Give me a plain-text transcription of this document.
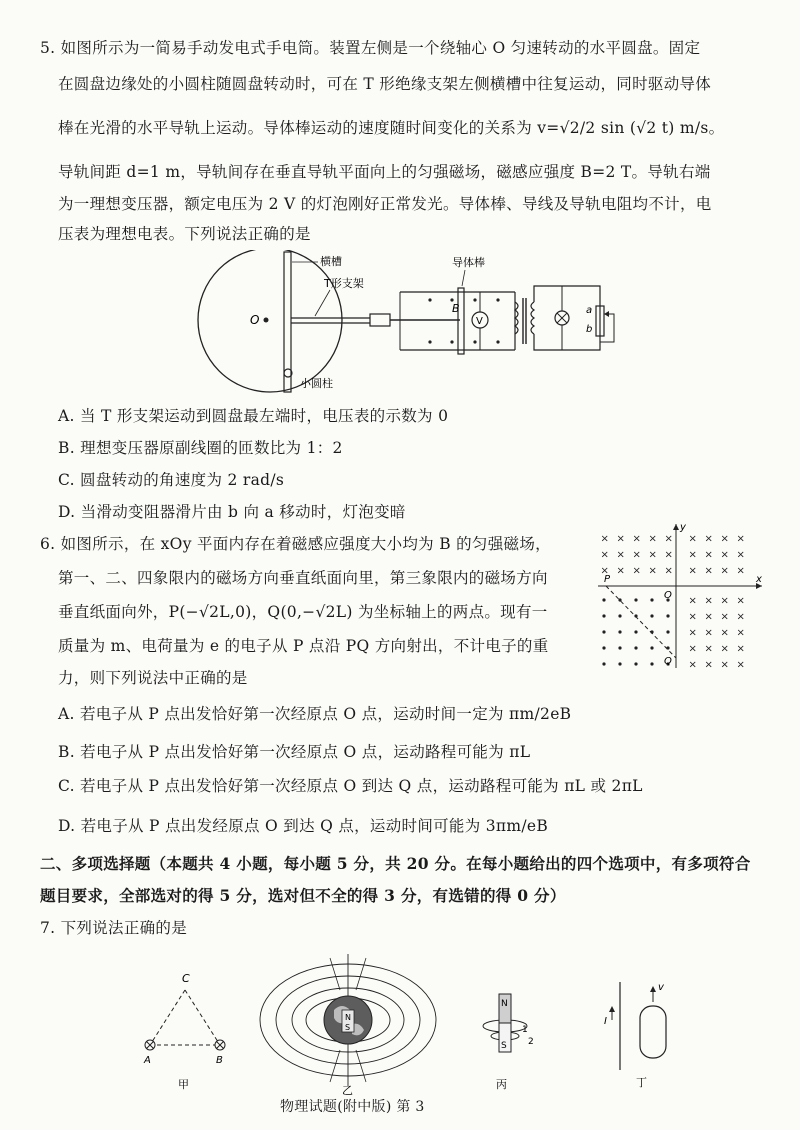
5. 如图所示为一简易手动发电式手电筒。装置左侧是一个绕轴心 O 匀速转动的水平圆盘。固定
在圆盘边缘处的小圆柱随圆盘转动时，可在 T 形绝缘支架左侧横槽中往复运动，同时驱动导体
棒在光滑的水平导轨上运动。导体棒运动的速度随时间变化的关系为 v=√2/2 sin (√2 t) m/s。
导轨间距 d=1 m，导轨间存在垂直导轨平面向上的匀强磁场，磁感应强度 B=2 T。导轨右端
为一理想变压器，额定电压为 2 V 的灯泡刚好正常发光。导体棒、导线及导轨电阻均不计，电
压表为理想电表。下列说法正确的是
O
B
V
a
b
横槽
T形支架
导体棒
小圆柱
A. 当 T 形支架运动到圆盘最左端时，电压表的示数为 0
B. 理想变压器原副线圈的匝数比为 1：2
C. 圆盘转动的角速度为 2 rad/s
D. 当滑动变阻器滑片由 b 向 a 移动时，灯泡变暗
6. 如图所示，在 xOy 平面内存在着磁感应强度大小均为 B 的匀强磁场，
第一、二、四象限内的磁场方向垂直纸面向里，第三象限内的磁场方向
垂直纸面向外，P(−√2L,0)，Q(0,−√2L) 为坐标轴上的两点。现有一
质量为 m、电荷量为 e 的电子从 P 点沿 PQ 方向射出，不计电子的重
力，则下列说法中正确的是
× × × × × × × × ×
× × × × × × × × ×
× × × × × × × × ×
× × × ×
× × × ×
× × × ×
× × × ×
× × × ×
y
x
P
O
Q
A. 若电子从 P 点出发恰好第一次经原点 O 点，运动时间一定为 πm/2eB
B. 若电子从 P 点出发恰好第一次经原点 O 点，运动路程可能为 πL
C. 若电子从 P 点出发恰好第一次经原点 O 到达 Q 点，运动路程可能为 πL 或 2πL
D. 若电子从 P 点出发经原点 O 到达 Q 点，运动时间可能为 3πm/eB
二、多项选择题（本题共 4 小题，每小题 5 分，共 20 分。在每小题给出的四个选项中，有多项符合
题目要求，全部选对的得 5 分，选对但不全的得 3 分，有选错的得 0 分）
7. 下列说法正确的是
C
A	B
甲
N
S
乙
N
S
1
2
丙
I
v
丁
物理试题(附中版) 第 3
